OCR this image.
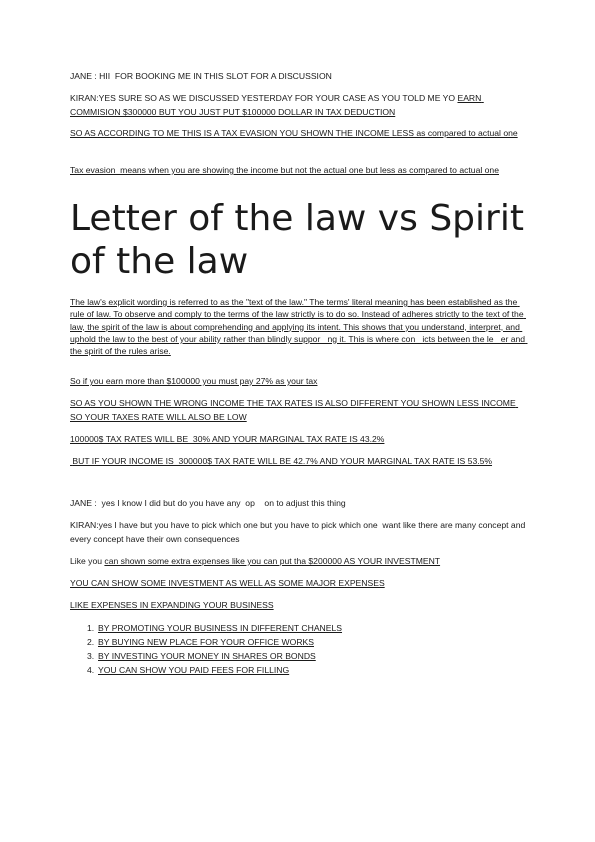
JANE : HII  FOR BOOKING ME IN THIS SLOT FOR A DISCUSSION

KIRAN:YES SURE SO AS WE DISCUSSED YESTERDAY FOR YOUR CASE AS YOU TOLD ME YO EARN COMMISION $300000 BUT YOU JUST PUT $100000 DOLLAR IN TAX DEDUCTION

SO AS ACCORDING TO ME THIS IS A TAX EVASION YOU SHOWN THE INCOME LESS as compared to actual one

Tax evasion  means when you are showing the income but not the actual one but less as compared to actual one

Letter of the law vs Spirit of the law

The law's explicit wording is referred to as the "text of the law." The terms' literal meaning has been established as the rule of law. To observe and comply to the terms of the law strictly is to do so. Instead of adheres strictly to the text of the law, the spirit of the law is about comprehending and applying its intent. This shows that you understand, interpret, and uphold the law to the best of your ability rather than blindly suppor   ng it. This is where con   icts between the le   er and the spirit of the rules arise.

So if you earn more than $100000 you must pay 27% as your tax

SO AS YOU SHOWN THE WRONG INCOME THE TAX RATES IS ALSO DIFFERENT YOU SHOWN LESS INCOME SO YOUR TAXES RATE WILL ALSO BE LOW

100000$ TAX RATES WILL BE  30% AND YOUR MARGINAL TAX RATE IS 43.2%

BUT IF YOUR INCOME IS  300000$ TAX RATE WILL BE 42.7% AND YOUR MARGINAL TAX RATE IS 53.5%

JANE :  yes I know I did but do you have any  op    on to adjust this thing

KIRAN:yes I have but you have to pick which one but you have to pick which one  want like there are many concept and every concept have their own consequences

Like you can shown some extra expenses like you can put tha $200000 AS YOUR INVESTMENT

YOU CAN SHOW SOME INVESTMENT AS WELL AS SOME MAJOR EXPENSES

LIKE EXPENSES IN EXPANDING YOUR BUSINESS

1. BY PROMOTING YOUR BUSINESS IN DIFFERENT CHANELS
2. BY BUYING NEW PLACE FOR YOUR OFFICE WORKS
3. BY INVESTING YOUR MONEY IN SHARES OR BONDS
4. YOU CAN SHOW YOU PAID FEES FOR FILLING
